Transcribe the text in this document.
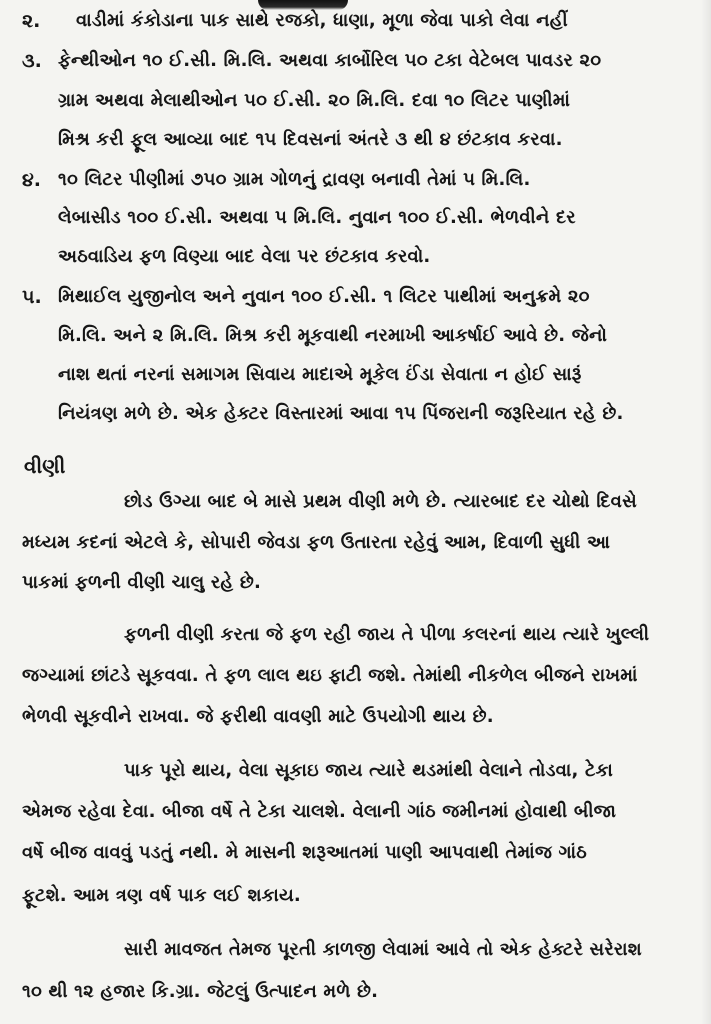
૨. વાડીમાં કંકોડાના પાક સાથે રજકો, ધાણા, મૂળા જેવા પાકો લેવા નહીં
૩. ફેન્થીઓન ૧૦ ઈ.સી. મિ.લિ. અથવા કાર્બોરિલ ૫૦ ટકા વેટેબલ પાવડર ૨૦
ગ્રામ અથવા મેલાથીઓન ૫૦ ઈ.સી. ૨૦ મિ.લિ. દવા ૧૦ લિટર પાણીમાં
મિશ્ર કરી ફૂલ આવ્યા બાદ ૧૫ દિવસનાં અંતરે ૩ થી ૪ છંટકાવ કરવા.
૪. ૧૦ લિટર પીણીમાં ૭૫૦ ગ્રામ ગોળનું દ્રાવણ બનાવી તેમાં ૫ મિ.લિ.
લેબાસીડ ૧૦૦ ઈ.સી. અથવા ૫ મિ.લિ. નુવાન ૧૦૦ ઈ.સી. ભેળવીને દર
અઠવાડિય ફળ વિણ્યા બાદ વેલા પર છંટકાવ કરવો.
૫. મિથાઈલ યુજીનોલ અને નુવાન ૧૦૦ ઈ.સી. ૧ લિટર પાથીમાં અનુક્રમે ૨૦
મિ.લિ. અને ૨ મિ.લિ. મિશ્ર કરી મૂકવાથી નરમાખી આકર્ષાઈ આવે છે. જેનો
નાશ થતાં નરનાં સમાગમ સિવાય માદાએ મૂકેલ ઈંડા સેવાતા ન હોઈ સારૂં
નિયંત્રણ મળે છે. એક હેક્ટર વિસ્તારમાં આવા ૧૫ પિંજરાની જરૂરિયાત રહે છે.
વીણી
છોડ ઉગ્યા બાદ બે માસે પ્રથમ વીણી મળે છે. ત્યારબાદ દર ચોથો દિવસે
મધ્યમ કદનાં એટલે કે, સોપારી જેવડા ફળ ઉતારતા રહેવું આમ, દિવાળી સુધી આ
પાકમાં ફળની વીણી ચાલુ રહે છે.
ફળની વીણી કરતા જે ફળ રહી જાય તે પીળા કલરનાં થાય ત્યારે ખુલ્લી
જગ્યામાં છાંટડે સૂકવવા. તે ફળ લાલ થઇ ફાટી જશે. તેમાંથી નીકળેલ બીજને રાખમાં
ભેળવી સૂકવીને રાખવા. જે ફરીથી વાવણી માટે ઉપયોગી થાય છે.
પાક પૂરો થાય, વેલા સૂકાઇ જાય ત્યારે થડમાંથી વેલાને તોડવા, ટેકા
એમજ રહેવા દેવા. બીજા વર્ષે તે ટેકા ચાલશે. વેલાની ગાંઠ જમીનમાં હોવાથી બીજા
વર્ષે બીજ વાવવું પડતું નથી. મે માસની શરૂઆતમાં પાણી આપવાથી તેમાંજ ગાંઠ
ફૂટશે. આમ ત્રણ વર્ષ પાક લઈ શકાય.
સારી માવજત તેમજ પૂરતી કાળજી લેવામાં આવે તો એક હેક્ટરે સરેરાશ
૧૦ થી ૧૨ હજાર કિ.ગ્રા. જેટલું ઉત્પાદન મળે છે.
